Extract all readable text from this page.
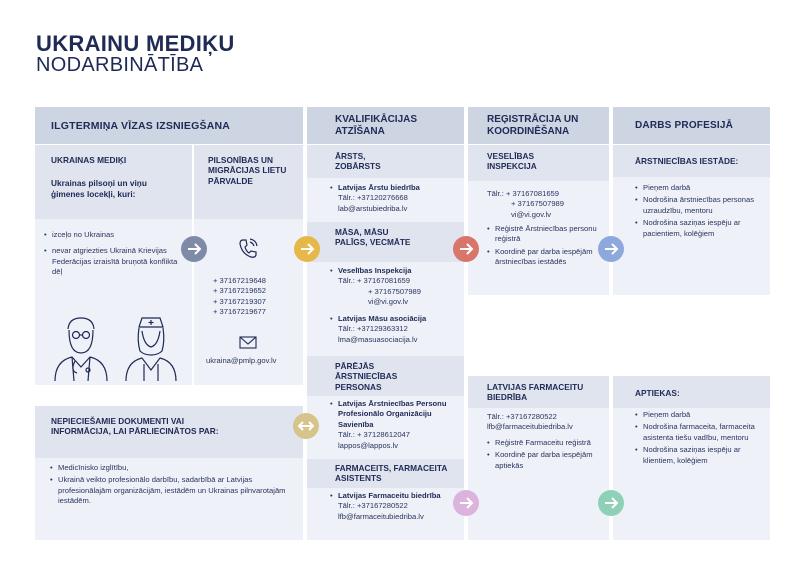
UKRAINU MEDIĶU
NODARBINĀTĪBA
ILGTERMIŅA VĪZAS IZSNIEGŠANA
UKRAINAS MEDIĶI
Ukrainas pilsoņi un viņu ģimenes locekļi, kuri:
PILSONĪBAS UN MIGRĀCIJAS LIETU PĀRVALDE
• izceļo no Ukrainas
• nevar atgriezties Ukrainā Krievijas Federācijas izraisītā bruņotā konflikta dēļ
+ 37167219648
+ 37167219652
+ 37167219307
+ 37167219677
ukraina@pmlp.gov.lv
NEPIECIEŠAMIE DOKUMENTI VAI INFORMĀCIJA, LAI PĀRLIECINĀTOS PAR:
• Medicīnisko izglītību,
• Ukrainā veikto profesionālo darbību, sadarbībā ar Latvijas profesionālajām organizācijām, iestādēm un Ukrainas pilnvarotajām iestādēm.
KVALIFIKĀCIJAS ATZĪŠANA
ĀRSTS, ZOBĀRSTS
• Latvijas Ārstu biedrība
Tālr.: +37120276668
lab@arstubiedriba.lv
MĀSA, MĀSU PALĪGS, VECMĀTE
• Veselības Inspekcija
Tālr.: + 37167081659
+ 37167507989
vi@vi.gov.lv
• Latvijas Māsu asociācija
Tālr.: +37129363312
lma@masuasociacija.lv
PĀRĒJĀS ĀRSTNIECĪBAS PERSONAS
• Latvijas Ārstniecības Personu Profesionālo Organizāciju Savienība
Tālr.: + 37128612047
lappos@lappos.lv
FARMACEITS, FARMACEITA ASISTENTS
• Latvijas Farmaceitu biedrība
Tālr.: +37167280522
lfb@farmaceitubiedriba.lv
REĢISTRĀCIJA UN KOORDINĒŠANA
VESELĪBAS INSPEKCIJA
Tālr.: + 37167081659
+ 37167507989
vi@vi.gov.lv
• Reģistrē Ārstniecības personu reģistrā
• Koordinē par darba iespējām ārstniecības iestādēs
LATVIJAS FARMACEITU BIEDRĪBA
Tālr.: +37167280522
lfb@farmaceitubiedriba.lv
• Reģistrē Farmaceitu reģistrā
• Koordinē par darba iespējām aptiekās
DARBS PROFESIJĀ
ĀRSTNIECĪBAS IESTĀDE:
• Pieņem darbā
• Nodrošina ārstniecības personas uzraudzību, mentoru
• Nodrošina saziņas iespēju ar pacientiem, kolēģiem
APTIEKAS:
• Pieņem darbā
• Nodrošina farmaceita, farmaceita asistenta tiešu vadību, mentoru
• Nodrošina saziņas iespēju ar klientiem, kolēģiem
